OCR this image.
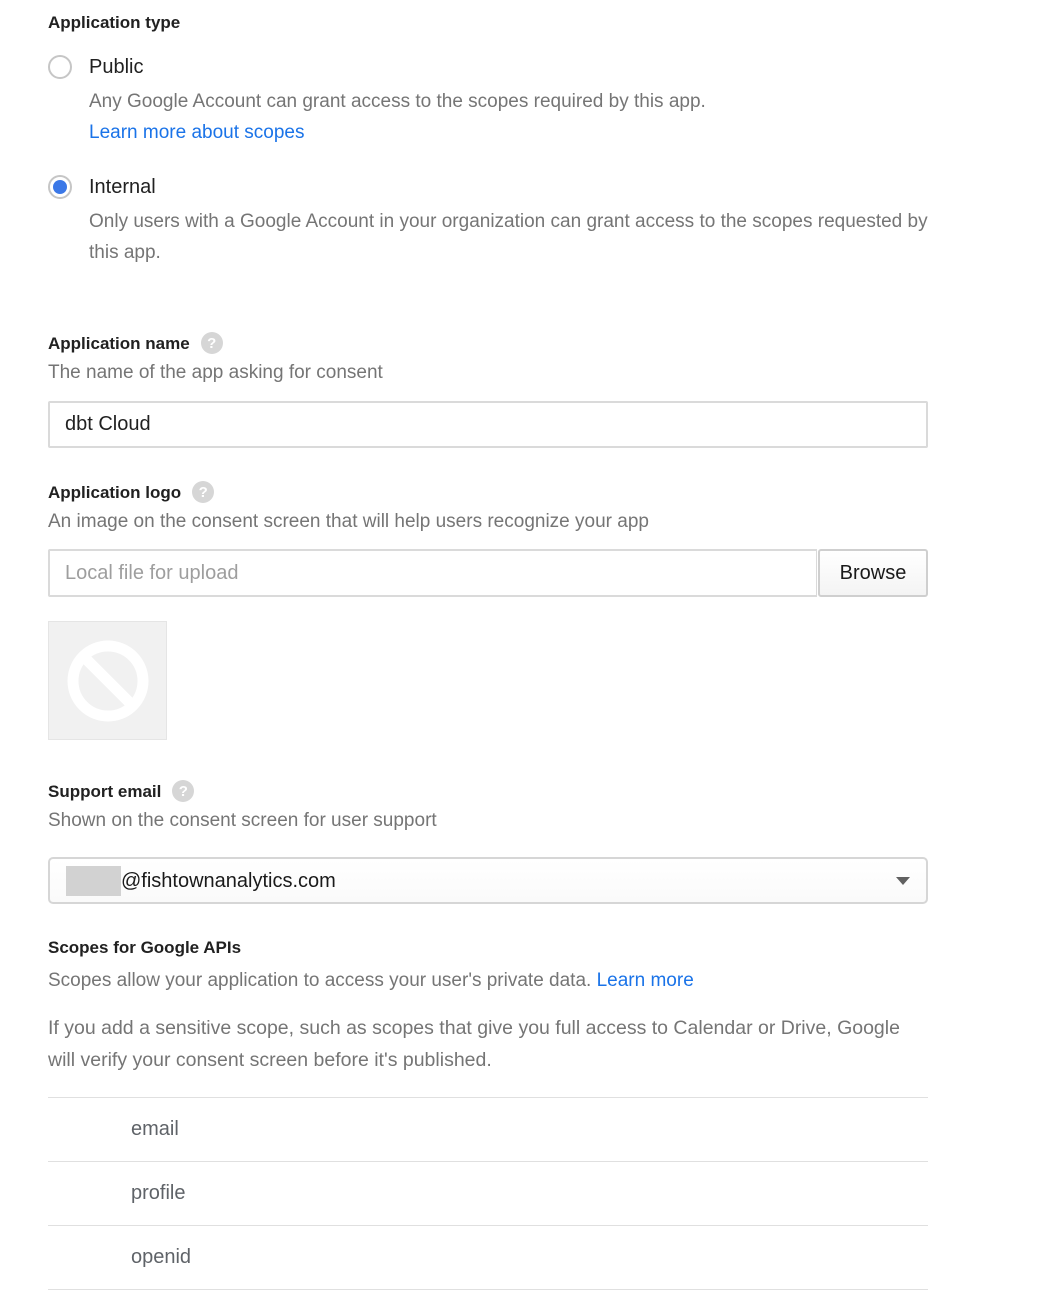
Application type
Public
Any Google Account can grant access to the scopes required by this app.
Learn more about scopes
Internal
Only users with a Google Account in your organization can grant access to the scopes requested by this app.
Application name	?
The name of the app asking for consent
dbt Cloud
Application logo	?
An image on the consent screen that will help users recognize your app
Local file for upload
Browse
Support email	?
Shown on the consent screen for user support
@fishtownanalytics.com
Scopes for Google APIs
Scopes allow your application to access your user's private data. Learn more
If you add a sensitive scope, such as scopes that give you full access to Calendar or Drive, Google will verify your consent screen before it's published.
email
profile
openid
